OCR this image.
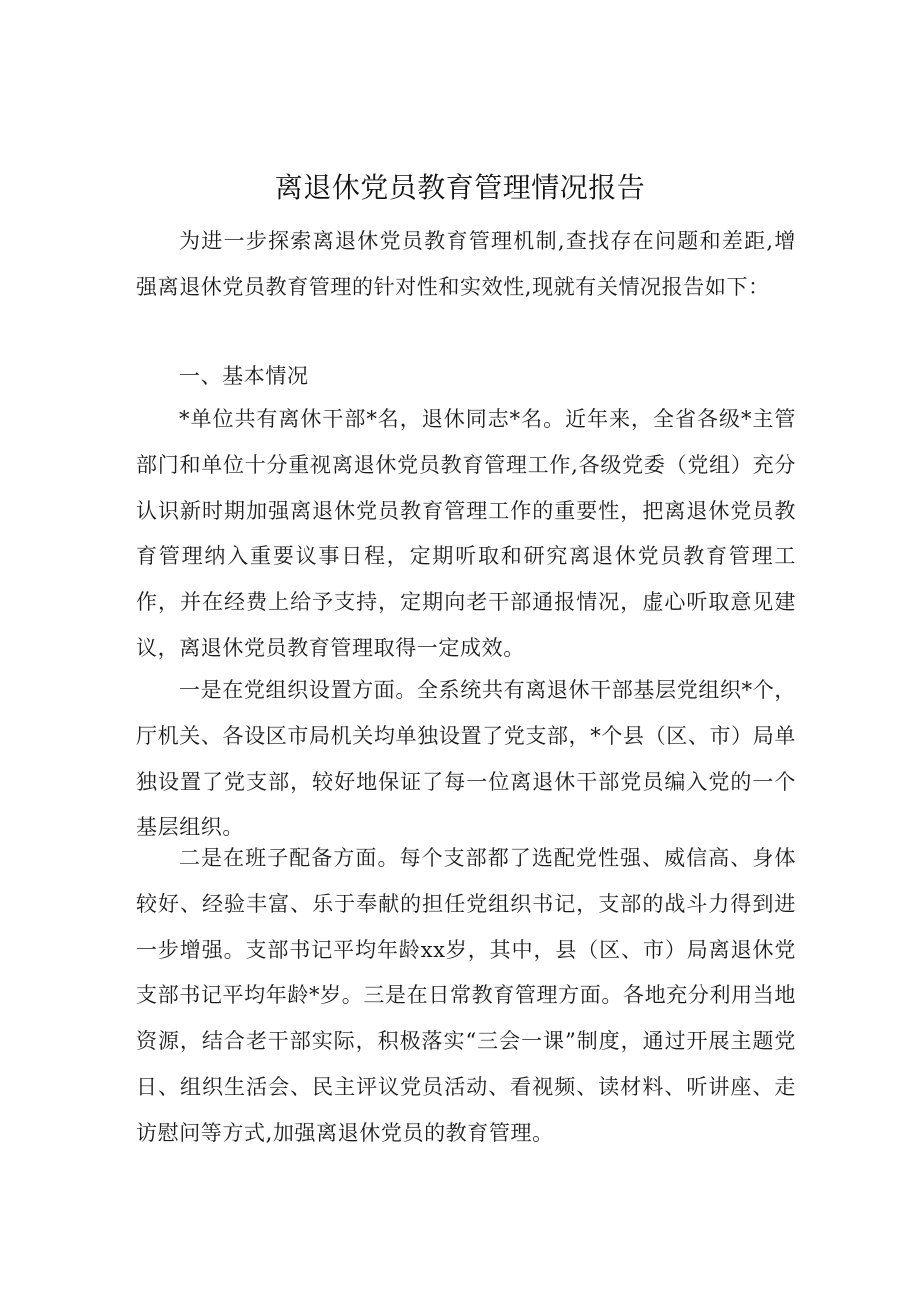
离退休党员教育管理情况报告

为进一步探索离退休党员教育管理机制,查找存在问题和差距,增强离退休党员教育管理的针对性和实效性,现就有关情况报告如下：

一、基本情况

*单位共有离休干部*名，退休同志*名。近年来，全省各级*主管部门和单位十分重视离退休党员教育管理工作,各级党委（党组）充分认识新时期加强离退休党员教育管理工作的重要性，把离退休党员教育管理纳入重要议事日程，定期听取和研究离退休党员教育管理工作，并在经费上给予支持，定期向老干部通报情况，虚心听取意见建议，离退休党员教育管理取得一定成效。

一是在党组织设置方面。全系统共有离退休干部基层党组织*个，厅机关、各设区市局机关均单独设置了党支部，*个县（区、市）局单独设置了党支部，较好地保证了每一位离退休干部党员编入党的一个基层组织。

二是在班子配备方面。每个支部都了选配党性强、威信高、身体较好、经验丰富、乐于奉献的担任党组织书记，支部的战斗力得到进一步增强。支部书记平均年龄xx岁，其中，县（区、市）局离退休党支部书记平均年龄*岁。三是在日常教育管理方面。各地充分利用当地资源，结合老干部实际，积极落实“三会一课”制度，通过开展主题党日、组织生活会、民主评议党员活动、看视频、读材料、听讲座、走访慰问等方式,加强离退休党员的教育管理。
